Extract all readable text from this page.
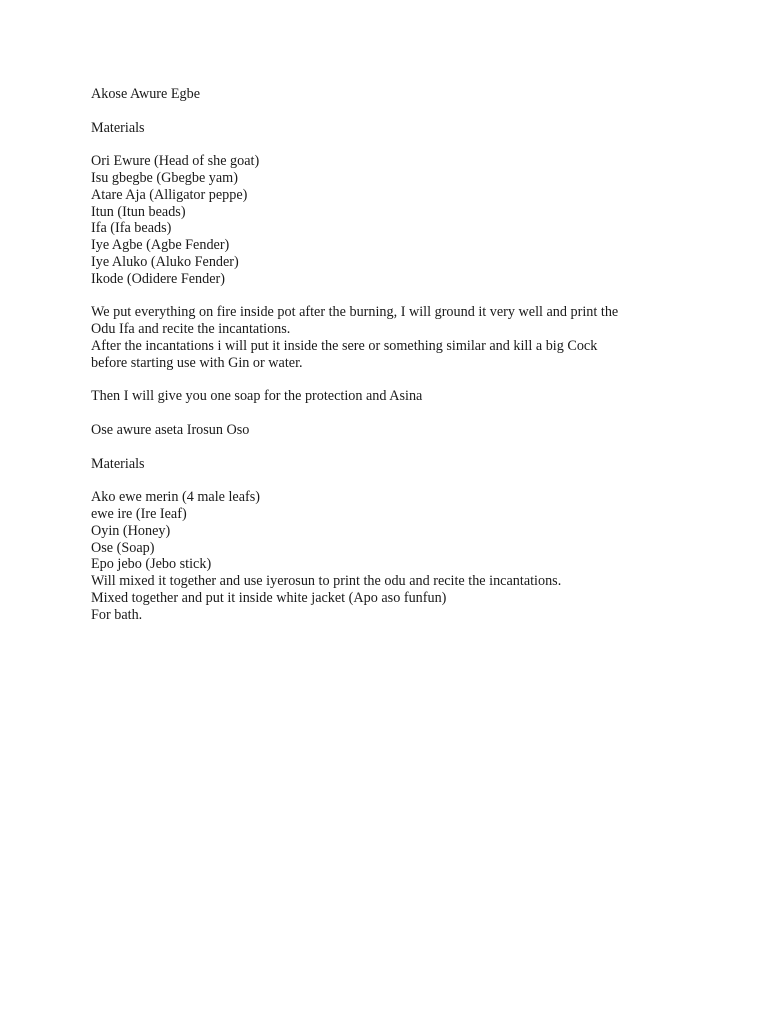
Akose Awure Egbe
Materials
Ori Ewure (Head of she goat)
Isu gbegbe (Gbegbe yam)
Atare Aja (Alligator peppe)
Itun (Itun beads)
Ifa (Ifa beads)
Iye Agbe (Agbe Fender)
Iye Aluko (Aluko Fender)
Ikode (Odidere Fender)
We put everything on fire inside pot after the burning, I will ground it very well and print the
Odu Ifa and recite the incantations.
After the incantations i will put it inside the sere or something similar and kill a big Cock
before starting use with Gin or water.
Then I will give you one soap for the protection and Asina
Ose awure aseta Irosun Oso
Materials
Ako ewe merin (4 male leafs)
ewe ire (Ire Ieaf)
Oyin (Honey)
Ose (Soap)
Epo jebo (Jebo stick)
Will mixed it together and use iyerosun to print the odu and recite the incantations.
Mixed together and put it inside white jacket (Apo aso funfun)
For bath.
